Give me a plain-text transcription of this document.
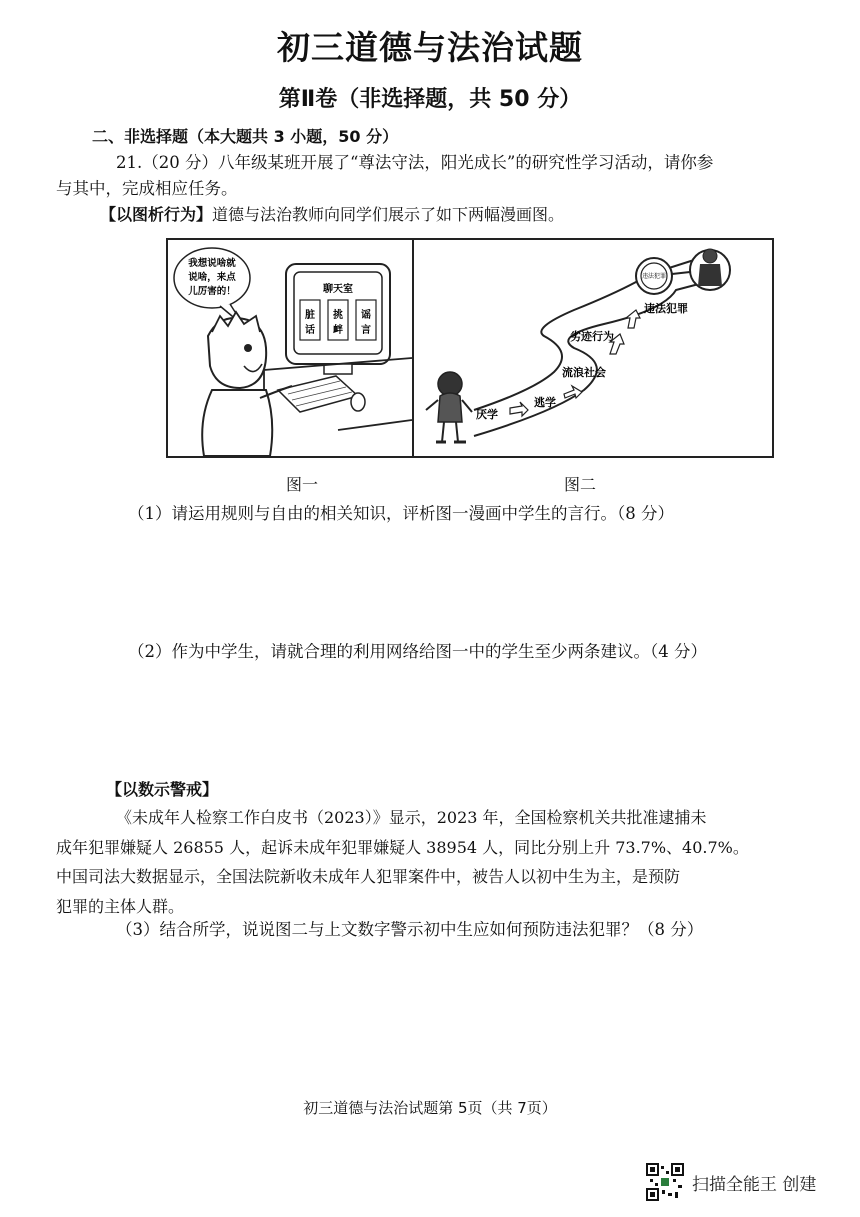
初三道德与法治试题
第Ⅱ卷（非选择题，共 50 分）
二、非选择题（本大题共 3 小题，50 分）
21.（20 分）八年级某班开展了“尊法守法，阳光成长”的研究性学习活动，请你参
与其中，完成相应任务。
【以图析行为】道德与法治教师向同学们展示了如下两幅漫画图。
我想说啥就
说啥，来点
儿厉害的！	聊天室
脏
话
挑
衅
谣
言
厌学
逃学
流浪社会
劣迹行为
违法犯罪
违法犯罪
图一	图二
（1）请运用规则与自由的相关知识，评析图一漫画中学生的言行。（8 分）
（2）作为中学生，请就合理的利用网络给图一中的学生至少两条建议。（4 分）
【以数示警戒】
《未成年人检察工作白皮书（2023）》显示，2023 年，全国检察机关共批准逮捕未
成年犯罪嫌疑人 26855 人，起诉未成年犯罪嫌疑人 38954 人，同比分别上升 73.7%、40.7%。
中国司法大数据显示，全国法院新收未成年人犯罪案件中，被告人以初中生为主，是预防
犯罪的主体人群。
（3）结合所学，说说图二与上文数字警示初中生应如何预防违法犯罪？（8 分）
初三道德与法治试题第 5页（共 7页）
扫描全能王 创建
